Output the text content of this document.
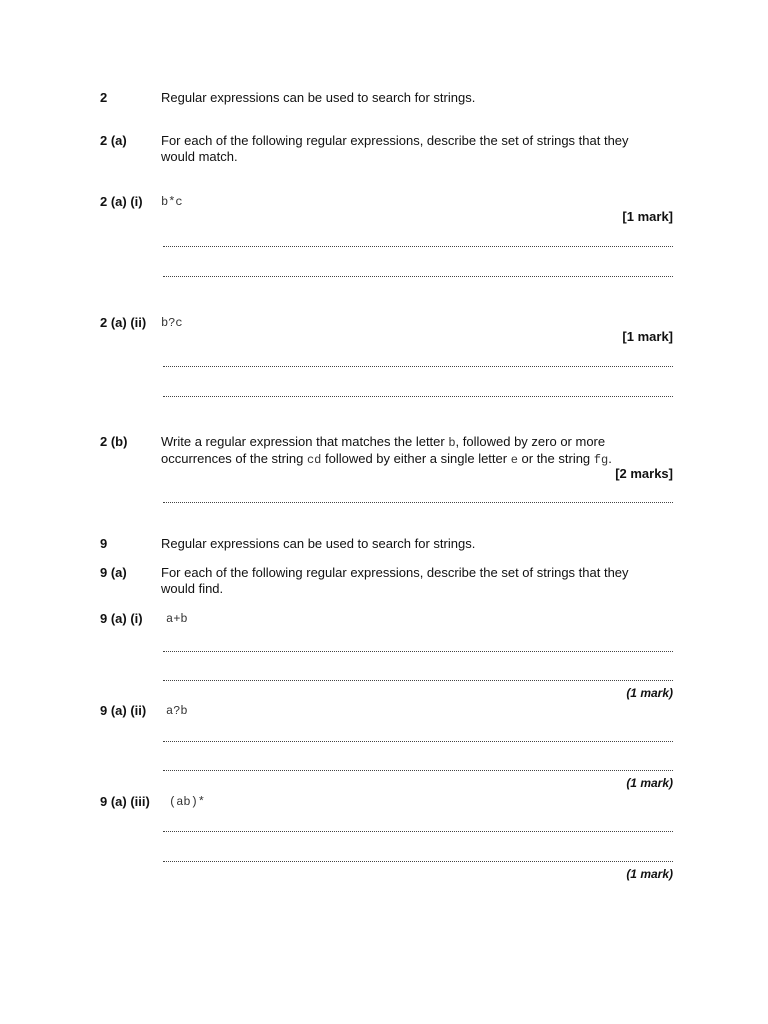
2	Regular expressions can be used to search for strings.
2 (a)	For each of the following regular expressions, describe the set of strings that they would match.
2 (a) (i) b*c
[1 mark]
2 (a) (ii) b?c
[1 mark]
2 (b)	Write a regular expression that matches the letter b, followed by zero or more occurrences of the string cd followed by either a single letter e or the string fg.
[2 marks]
9	Regular expressions can be used to search for strings.
9 (a)	For each of the following regular expressions, describe the set of strings that they would find.
9 (a) (i) a+b
(1 mark)
9 (a) (ii) a?b
(1 mark)
9 (a) (iii) (ab)*
(1 mark)
